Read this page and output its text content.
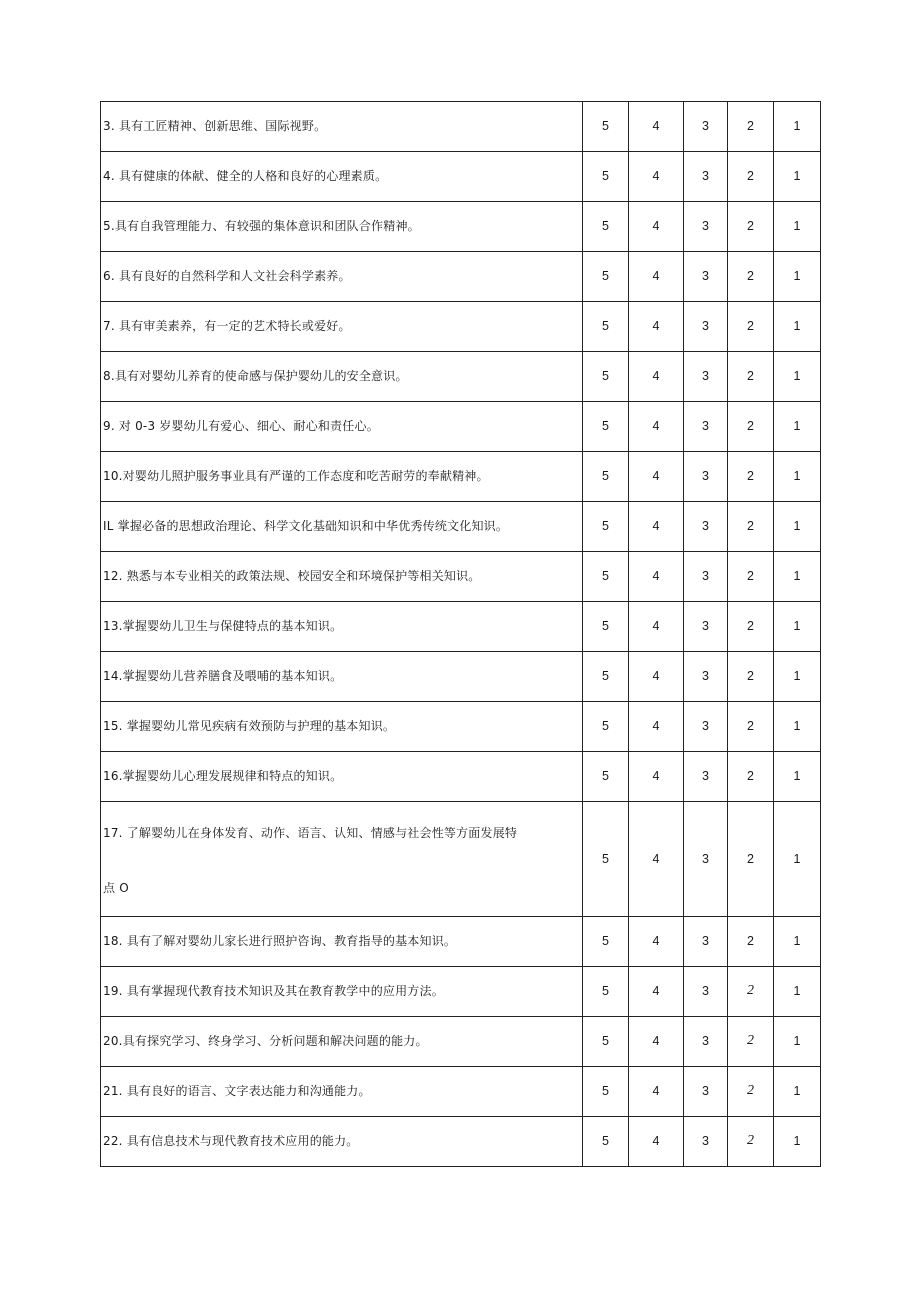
3. 具有工匠精神、创新思维、国际视野。	5	4	3	2	1
4. 具有健康的体献、健全的人格和良好的心理素质。	5	4	3	2	1
5.具有自我管理能力、有较强的集体意识和团队合作精神。	5	4	3	2	1
6. 具有良好的自然科学和人文社会科学素养。	5	4	3	2	1
7. 具有审美素养，有一定的艺术特长或爱好。	5	4	3	2	1
8.具有对婴幼儿养育的使命感与保护婴幼儿的安全意识。	5	4	3	2	1
9. 对 0-3 岁婴幼儿有爱心、细心、耐心和责任心。	5	4	3	2	1
10.对婴幼儿照护服务事业具有严谨的工作态度和吃苦耐劳的奉献精神。	5	4	3	2	1
IL 掌握必备的思想政治理论、科学文化基础知识和中华优秀传统文化知识。	5	4	3	2	1
12. 熟悉与本专业相关的政策法规、校园安全和环境保护等相关知识。	5	4	3	2	1
13.掌握婴幼儿卫生与保健特点的基本知识。	5	4	3	2	1
14.掌握婴幼儿营养膳食及喂哺的基本知识。	5	4	3	2	1
15. 掌握婴幼儿常见疾病有效预防与护理的基本知识。	5	4	3	2	1
16.掌握婴幼儿心理发展规律和特点的知识。	5	4	3	2	1

17. 了解婴幼儿在身体发育、动作、语言、认知、情感与社会性等方面发展特
点 O	5	4	3	2	1
18. 具有了解对婴幼儿家长进行照护咨询、教育指导的基本知识。	5	4	3	2	1
19. 具有掌握现代教育技术知识及其在教育教学中的应用方法。	5	4	3	2	1
20.具有探究学习、终身学习、分析问题和解决问题的能力。	5	4	3	2	1
21. 具有良好的语言、文字表达能力和沟通能力。	5	4	3	2	1
22. 具有信息技术与现代教育技术应用的能力。	5	4	3	2	1
